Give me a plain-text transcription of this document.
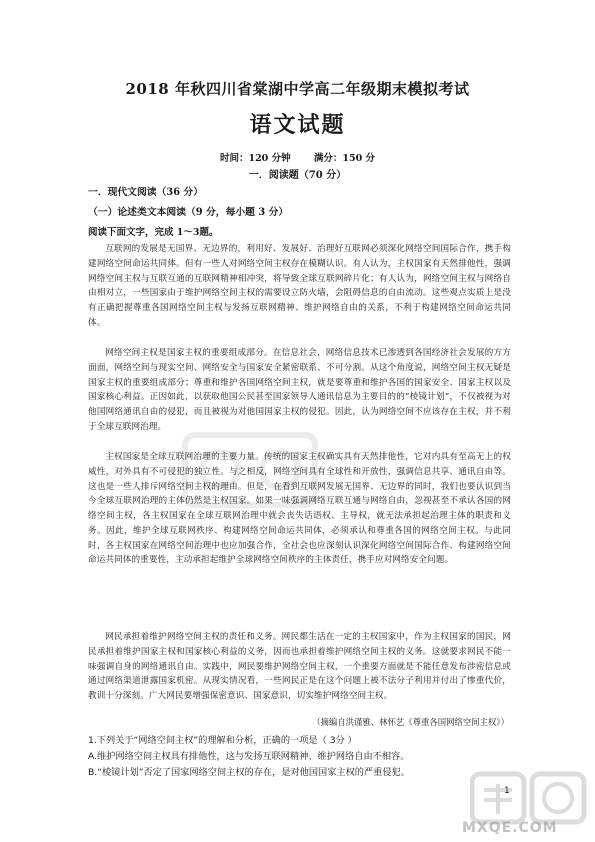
2018 年秋四川省棠湖中学高二年级期末模拟考试
语文试题
时间：120 分钟 满分：150 分
一．阅读题（70 分）
一．现代文阅读（36 分）
（一）论述类文本阅读（9 分，每小题 3 分）
阅读下面文字，完成 1～3题。
互联网的发展是无国界、无边界的，利用好、发展好、治理好互联网必须深化网络空间国际合作，携手构建网络空间命运共同体。但有一些人对网络空间主权存在模糊认识。有人认为，主权国家有天然排他性，强调网络空间主权与互联互通的互联网精神相冲突，将导致全球互联网碎片化；有人认为，网络空间主权与网络自由相对立，一些国家由于维护网络空间主权的需要设立防火墙，会阻碍信息的自由流动。这些观点实质上是没有正确把握尊重各国网络空间主权与发扬互联网精神、维护网络自由的关系，不利于构建网络空间命运共同体。
网络空间主权是国家主权的重要组成部分。在信息社会，网络信息技术已渗透到各国经济社会发展的方方面面，网络空间与现实空间、网络安全与国家安全紧密联系、不可分割。从这个角度说，网络空间主权无疑是国家主权的重要组成部分；尊重和维护各国网络空间主权，就是要尊重和维护各国的国家安全、国家主权以及国家核心利益。正因如此，以获取他国公民甚至国家领导人通讯信息为主要目的的“棱镜计划”，不仅被视为对他国网络通讯自由的侵犯，而且被视为对他国国家主权的侵犯。因此，认为网络空间不应该存在主权，并不利于全球互联网治理。
主权国家是全球互联网治理的主要力量。传统的国家主权确实具有天然排他性，它对内具有至高无上的权威性，对外具有不可侵犯的独立性。与之相反，网络空间具有全球性和开放性，强调信息共享、通讯自由等。这也是一些人排斥网络空间主权的理由。但是，在看到互联网发展无国界、无边界的同时，我们也要认识到当今全球互联网治理的主体仍然是主权国家。如果一味强调网络互联互通与网络自由，忽视甚至不承认各国的网络空间主权，各主权国家在全球互联网治理中就会丧失话语权、主导权，就无法承担起治理主体的职责和义务。因此，维护全球互联网秩序、构建网络空间命运共同体，必须承认和尊重各国的网络空间主权。与此同时，各主权国家在网络空间治理中也应加强合作，全社会也应深刻认识深化网络空间国际合作、构建网络空间命运共同体的重要性，主动承担起维护全球网络空间秩序的主体责任，携手应对网络安全问题。
网民承担着维护网络空间主权的责任和义务。网民都生活在一定的主权国家中，作为主权国家的国民，网民承担着维护国家主权和国家核心利益的义务，因而也承担着维护网络空间主权的义务。这就要求网民不能一味强调自身的网络通讯自由。实践中，网民要维护网络空间主权，一个重要方面就是不能任意发布涉密信息或通过网络渠道泄露国家机密。从现实情况看，一些网民正是在这个问题上被不法分子利用并付出了惨重代价，教训十分深刻。广大网民要增强保密意识、国家意识，切实维护网络空间主权。
（摘编自洪谨雅、林怀艺《尊重各国网络空间主权》）
1.下列关于“网络空间主权”的理解和分析，正确的一项是（ 3分 ）
A.维护网络空间主权具有排他性，这与发扬互联网精神、维护网络自由不相容。
B.“棱镜计划”否定了国家网络空间主权的存在，是对他国国家主权的严重侵犯。
1
MXQE.COM
